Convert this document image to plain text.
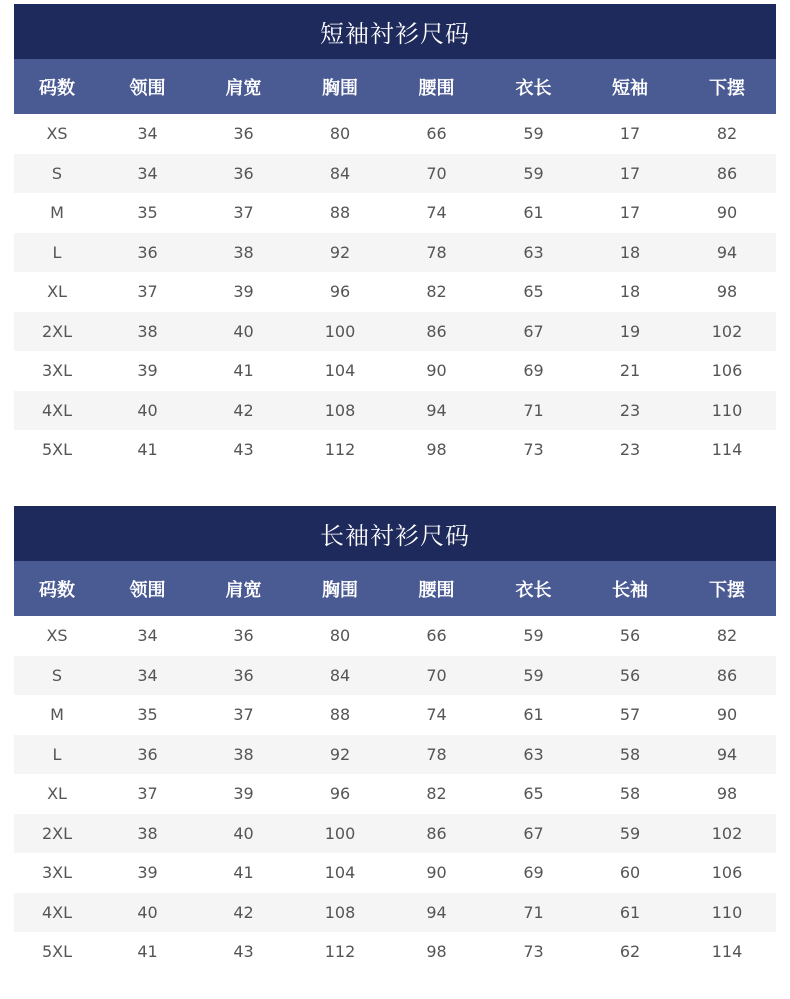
短袖衬衫尺码
码数	领围	肩宽	胸围	腰围	衣长	短袖	下摆
XS	34	36	80	66	59	17	82
S	34	36	84	70	59	17	86
M	35	37	88	74	61	17	90
L	36	38	92	78	63	18	94
XL	37	39	96	82	65	18	98
2XL	38	40	100	86	67	19	102
3XL	39	41	104	90	69	21	106
4XL	40	42	108	94	71	23	110
5XL	41	43	112	98	73	23	114
长袖衬衫尺码
码数	领围	肩宽	胸围	腰围	衣长	长袖	下摆
XS	34	36	80	66	59	56	82
S	34	36	84	70	59	56	86
M	35	37	88	74	61	57	90
L	36	38	92	78	63	58	94
XL	37	39	96	82	65	58	98
2XL	38	40	100	86	67	59	102
3XL	39	41	104	90	69	60	106
4XL	40	42	108	94	71	61	110
5XL	41	43	112	98	73	62	114
